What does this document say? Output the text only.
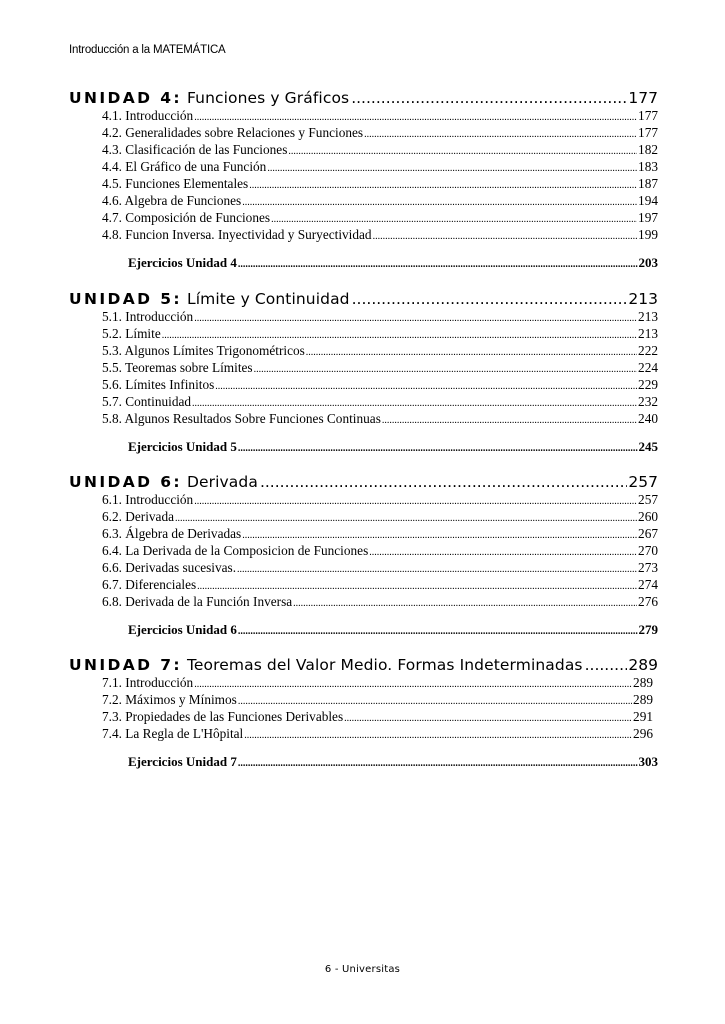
Introducción a la MATEMÁTICA
UNIDAD 4:
Funciones y Gráficos .....	177
4.1. Introducción .....	177
4.2. Generalidades sobre Relaciones y Funciones .....	177
4.3. Clasificación de las Funciones .....	182
4.4. El Gráfico de una Función .....	183
4.5. Funciones Elementales .....	187
4.6. Algebra de Funciones .....	194
4.7. Composición de Funciones .....	197
4.8. Funcion Inversa. Inyectividad y Suryectividad .....	199
Ejercicios Unidad 4 .....	203
UNIDAD 5:
Límite y Continuidad .....	213
5.1. Introducción .....	213
5.2. Límite .....	213
5.3. Algunos Límites Trigonométricos .....	222
5.5. Teoremas sobre Límites .....	224
5.6. Límites Infinitos .....	229
5.7. Continuidad .....	232
5.8. Algunos Resultados Sobre Funciones Continuas .....	240
Ejercicios Unidad 5 .....	245
UNIDAD 6:
Derivada .....	257
6.1. Introducción .....	257
6.2. Derivada .....	260
6.3. Álgebra de Derivadas .....	267
6.4. La Derivada de la Composicion de Funciones .....	270
6.6. Derivadas sucesivas. .....	273
6.7. Diferenciales .....	274
6.8. Derivada de la Función Inversa .....	276
Ejercicios Unidad 6 .....	279
UNIDAD 7:
Teoremas del Valor Medio. Formas Indeterminadas .....	289
7.1. Introducción .....	289
7.2. Máximos y Mínimos .....	289
7.3. Propiedades de las Funciones Derivables .....	291
7.4. La Regla de L'Hôpital .....	296
Ejercicios Unidad 7 .....	303
6 - Universitas
